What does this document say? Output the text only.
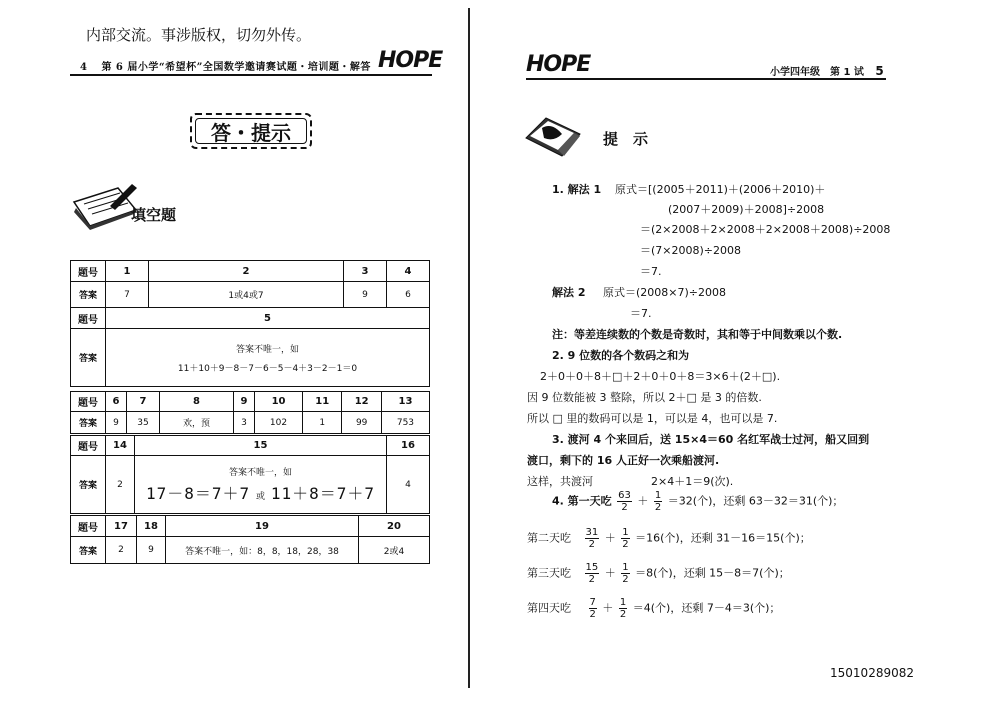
内部交流。事涉版权，切勿外传。
4 第 6 届小学“希望杯”全国数学邀请赛试题・培训题・解答 HOPE
答・提示
填空题
题号	1	2	3	4
答案	7	1或4或7	9	6
题号	5			
答案	答案不唯一，如
11＋10＋9－8－7－6－5－4＋3－2－1＝0			
题号	6	7	8	9	10	11	12	13
答案	9	35	欢，预	3	102	1	99	753
题号	14	15	16
答案	2	答案不唯一，如
17－8＝7＋7 或 11＋8＝7＋7	4
题号	17	18	19	20
答案	2	9	答案不唯一，如：8，8，18，28，38	2或4
HOPE	小学四年级　第 1 试 5
提　示
1. 解法 1 原式＝[(2005＋2011)＋(2006＋2010)＋
(2007＋2009)＋2008]÷2008
＝(2×2008＋2×2008＋2×2008＋2008)÷2008
＝(7×2008)÷2008
＝7.
解法 2 原式＝(2008×7)÷2008
＝7.
注：等差连续数的个数是奇数时，其和等于中间数乘以个数.
2. 9 位数的各个数码之和为
2＋0＋0＋8＋□＋2＋0＋0＋8＝3×6＋(2＋□).
因 9 位数能被 3 整除，所以 2＋□ 是 3 的倍数.
所以 □ 里的数码可以是 1，可以是 4，也可以是 7.
3. 渡河 4 个来回后，送 15×4＝60 名红军战士过河，船又回到
渡口，剩下的 16 人正好一次乘船渡河.
这样，共渡河	2×4＋1＝9(次).
4. 第一天吃 $\frac{63}{2} + \frac{1}{2} =32$(个)，还剩 63－32＝31(个)；
第二天吃 $\frac{31}{2} + \frac{1}{2} =16$(个)，还剩 31－16＝15(个)；
第三天吃 $\frac{15}{2} + \frac{1}{2} =8$(个)，还剩 15－8＝7(个)；
第四天吃 $\frac{7}{2} + \frac{1}{2} =4$(个)，还剩 7－4＝3(个)；
15010289082
